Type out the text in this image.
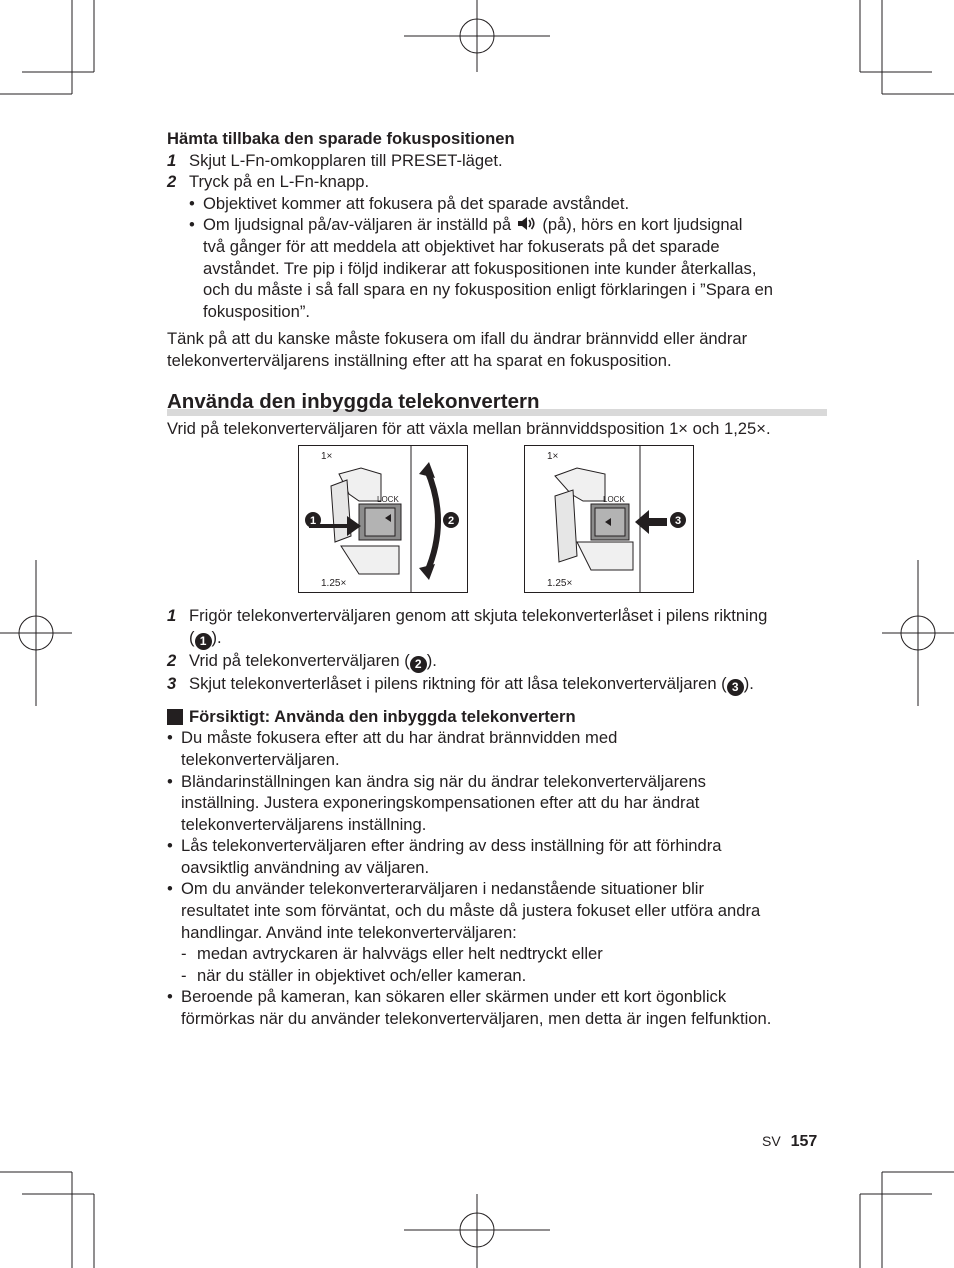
Hämta tillbaka den sparade fokuspositionen
1 Skjut L-Fn-omkopplaren till PRESET-läget.
2 Tryck på en L-Fn-knapp.
• Objektivet kommer att fokusera på det sparade avståndet.
• Om ljudsignal på/av-väljaren är inställd på (på), hörs en kort ljudsignal
två gånger för att meddela att objektivet har fokuserats på det sparade
avståndet. Tre pip i följd indikerar att fokuspositionen inte kunder återkallas,
och du måste i så fall spara en ny fokusposition enligt förklaringen i ”Spara en
fokusposition”.
Tänk på att du kanske måste fokusera om ifall du ändrar brännvidd eller ändrar
telekonverterväljarens inställning efter att ha sparat en fokusposition.
Använda den inbyggda telekonvertern
Vrid på telekonverterväljaren för att växla mellan brännviddsposition 1× och 1,25×.
1	2
1×
1.25×
LOCK
3
1×
1.25×
LOCK
1 Frigör telekonverterväljaren genom att skjuta telekonverterlåset i pilens riktning
( 1 ).
2 Vrid på telekonverterväljaren ( 2 ).
3 Skjut telekonverterlåset i pilens riktning för att låsa telekonverterväljaren ( 3 ).
Försiktigt: Använda den inbyggda telekonvertern
• Du måste fokusera efter att du har ändrat brännvidden med
telekonverterväljaren.
• Bländarinställningen kan ändra sig när du ändrar telekonverterväljarens
inställning. Justera exponeringskompensationen efter att du har ändrat
telekonverterväljarens inställning.
• Lås telekonverterväljaren efter ändring av dess inställning för att förhindra
oavsiktlig användning av väljaren.
• Om du använder telekonverterarväljaren i nedanstående situationer blir
resultatet inte som förväntat, och du måste då justera fokuset eller utföra andra
handlingar. Använd inte telekonverterväljaren:
- medan avtryckaren är halvvägs eller helt nedtryckt eller
- när du ställer in objektivet och/eller kameran.
• Beroende på kameran, kan sökaren eller skärmen under ett kort ögonblick
förmörkas när du använder telekonverterväljaren, men detta är ingen felfunktion.
SV 157
